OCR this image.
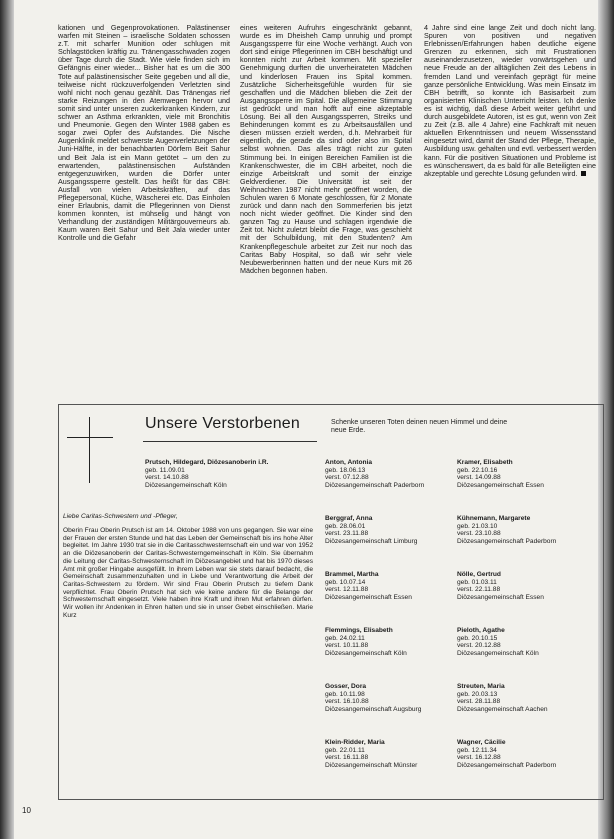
kationen und Gegenprovokationen. Palästinenser warfen mit Steinen – israelische Soldaten schossen z.T. mit scharfer Munition oder schlugen mit Schlagstöcken kräftig zu. Tränengasschwaden zogen über Tage durch die Stadt. Wie viele finden sich im Gefängnis einer wieder... Bisher hat es um die 300 Tote auf palästinensischer Seite gegeben und all die, teilweise nicht rückzuverfolgenden Verletzten sind wohl nicht noch genau gezählt. Das Tränengas rief starke Reizungen in den Atemwegen hervor und somit sind unter unseren zuckerkranken Kindern, zur schwer an Asthma erkrankten, viele mit Bronchitis und Pneumonie. Gegen den Winter 1988 gaben es sogar zwei Opfer des Aufstandes. Die Nische Augenklinik meldet schwerste Augenverletzungen der Juni-Hälfte, in der benachbarten Dörfern Beit Sahur und Beit Jala ist ein Mann getötet – um den zu erwartenden, palästinensischen Aufständen entgegenzuwirken, wurden die Dörfer unter Ausgangssperre gestellt. Das heißt für das CBH: Ausfall von vielen Arbeitskräften, auf das Pflegepersonal, Küche, Wäscherei etc. Das Einholen einer Erlaubnis, damit die Pflegerinnen von Dienst kommen konnten, ist mühselig und hängt von Verhandlung der zuständigen Militärgouverneurs ab. Kaum waren Beit Sahur und Beit Jala wieder unter Kontrolle und die Gefahr

eines weiteren Aufruhrs eingeschränkt gebannt, wurde es im Dheisheh Camp unruhig und prompt Ausgangssperre für eine Woche verhängt. Auch von dort sind einige Pflegerinnen im CBH beschäftigt und konnten nicht zur Arbeit kommen. Mit spezieller Genehmigung durften die unverheirateten Mädchen und kinderlosen Frauen ins Spital kommen. Zusätzliche Sicherheitsgefühle wurden für sie geschaffen und die Mädchen blieben die Zeit der Ausgangssperre im Spital. Die allgemeine Stimmung ist gedrückt und man hofft auf eine akzeptable Lösung. Bei all den Ausgangssperren, Streiks und Behinderungen kommt es zu Arbeitsausfällen und diesen müssen erzielt werden, d.h. Mehrarbeit für eigentlich, die gerade da sind oder also im Spital selbst wohnen. Das alles trägt nicht zur guten Stimmung bei. In einigen Bereichen Familien ist die Krankenschwester, die im CBH arbeitet, noch die einzige Arbeitskraft und somit der einzige Geldverdiener. Die Universität ist seit der Weihnachten 1987 nicht mehr geöffnet worden, die Schulen waren 6 Monate geschlossen, für 2 Monate zurück und dann nach den Sommerferien bis jetzt noch nicht wieder geöffnet. Die Kinder sind den ganzen Tag zu Hause und schlagen irgendwie die Zeit tot. Nicht zuletzt bleibt die Frage, was geschieht mit der Schulbildung, mit den Studenten? Am Krankenpflegeschule arbeitet zur Zeit nur noch das Caritas Baby Hospital, so daß wir sehr viele Neubewerberinnen hatten und der neue Kurs mit 26 Mädchen begonnen haben.

4 Jahre sind eine lange Zeit und doch nicht lang. Spuren von positiven und negativen Erlebnissen/Erfahrungen haben deutliche eigene Grenzen zu erkennen, sich mit Frustrationen auseinanderzusetzen, wieder vorwärtsgehen und neue Freude an der alltäglichen Zeit des Lebens in fremden Land und vereinfach geprägt für meine ganze persönliche Entwicklung. Was mein Einsatz im CBH betrifft, so konnte ich Basisarbeit zum organisierten Klinischen Unterricht leisten. Ich denke es ist wichtig, daß diese Arbeit weiter geführt und durch ausgebildete Autoren, ist es gut, wenn von Zeit zu Zeit (z.B. alle 4 Jahre) eine Fachkraft mit neuen aktuellen Erkenntnissen und neuem Wissensstand eingesetzt wird, damit der Stand der Pflege, Therapie, Ausbildung usw. gehalten und evtl. verbessert werden kann. Für die positiven Situationen und Probleme ist es wünschenswert, da es bald für alle Beteiligten eine akzeptable und gerechte Lösung gefunden wird.

Unsere Verstorbenen	Schenke unseren Toten deinen neuen Himmel und deine neue Erde.
Prutsch, Hildegard, Diözesanoberin i.R.
geb. 11.09.01
verst. 14.10.88
Diözesangemeinschaft Köln
Liebe Caritas-Schwestern und -Pfleger,
Oberin Frau Oberin Prutsch ist am 14. Oktober 1988 von uns gegangen. Sie war eine der Frauen der ersten Stunde und hat das Leben der Gemeinschaft bis ins hohe Alter begleitet. Im Jahre 1930 trat sie in die Caritasschwesternschaft ein und war von 1952 an die Diözesanoberin der Caritas-Schwesterngemeinschaft in Köln. Sie übernahm die Leitung der Caritas-Schwesternschaft im Diözesangebiet und hat bis 1970 dieses Amt mit großer Hingabe ausgefüllt. In ihrem Leben war sie stets darauf bedacht, die Gemeinschaft zusammenzuhalten und in Liebe und Verantwortung die Arbeit der Caritas-Schwestern zu fördern. Wir sind Frau Oberin Prutsch zu tiefem Dank verpflichtet. Frau Oberin Prutsch hat sich wie keine andere für die Belange der Schwesternschaft eingesetzt. Viele haben ihre Kraft und ihren Mut erfahren dürfen. Wir wollen ihr Andenken in Ehren halten und sie in unser Gebet einschließen. Marie Kurz
Anton, Antonia
geb. 18.06.13
verst. 07.12.88
Diözesangemeinschaft Paderborn
Berggraf, Anna
geb. 28.06.01
verst. 23.11.88
Diözesangemeinschaft Limburg
Brammel, Martha
geb. 10.07.14
verst. 12.11.88
Diözesangemeinschaft Essen
Flemmings, Elisabeth
geb. 24.02.11
verst. 10.11.88
Diözesangemeinschaft Köln
Gosser, Dora
geb. 10.11.98
verst. 16.10.88
Diözesangemeinschaft Augsburg
Klein-Ridder, Maria
geb. 22.01.11
verst. 16.11.88
Diözesangemeinschaft Münster
Kramer, Elisabeth
geb. 22.10.16
verst. 14.09.88
Diözesangemeinschaft Essen
Kühnemann, Margarete
geb. 21.03.10
verst. 23.10.88
Diözesangemeinschaft Paderborn
Nölle, Gertrud
geb. 01.03.11
verst. 22.11.88
Diözesangemeinschaft Essen
Pieloth, Agathe
geb. 20.10.15
verst. 20.12.88
Diözesangemeinschaft Köln
Streuten, Maria
geb. 20.03.13
verst. 28.11.88
Diözesangemeinschaft Aachen
Wagner, Cäcilie
geb. 12.11.34
verst. 16.12.88
Diözesangemeinschaft Paderborn
10
